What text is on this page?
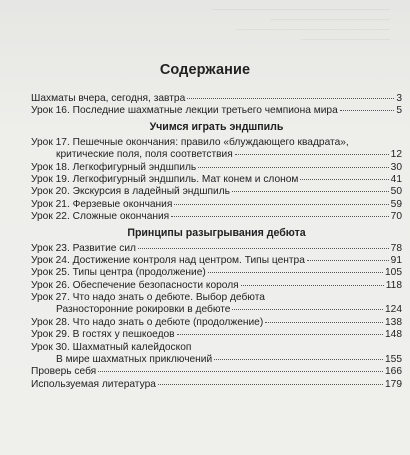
────────────────────────────────────
────────────────────────
───────────────────────────────
──────────────────
Содержание
Шахматы вчера, сегодня, завтра	3
Урок 16. Последние шахматные лекции третьего чемпиона мира	5
Учимся играть эндшпиль
Урок 17. Пешечные окончания: правило «блуждающего квадрата»,
критические поля, поля соответствия	12
Урок 18. Легкофигурный эндшпиль	30
Урок 19. Легкофигурный эндшпиль. Мат конем и слоном	41
Урок 20. Экскурсия в ладейный эндшпиль	50
Урок 21. Ферзевые окончания	59
Урок 22. Сложные окончания	70
Принципы разыгрывания дебюта
Урок 23. Развитие сил	78
Урок 24. Достижение контроля над центром. Типы центра	91
Урок 25. Типы центра (продолжение)	105
Урок 26. Обеспечение безопасности короля	118
Урок 27. Что надо знать о дебюте. Выбор дебюта
Разносторонние рокировки в дебюте	124
Урок 28. Что надо знать о дебюте (продолжение)	138
Урок 29. В гостях у пешкоедов	148
Урок 30. Шахматный калейдоскоп
В мире шахматных приключений	155
Проверь себя	166
Используемая литература	179
